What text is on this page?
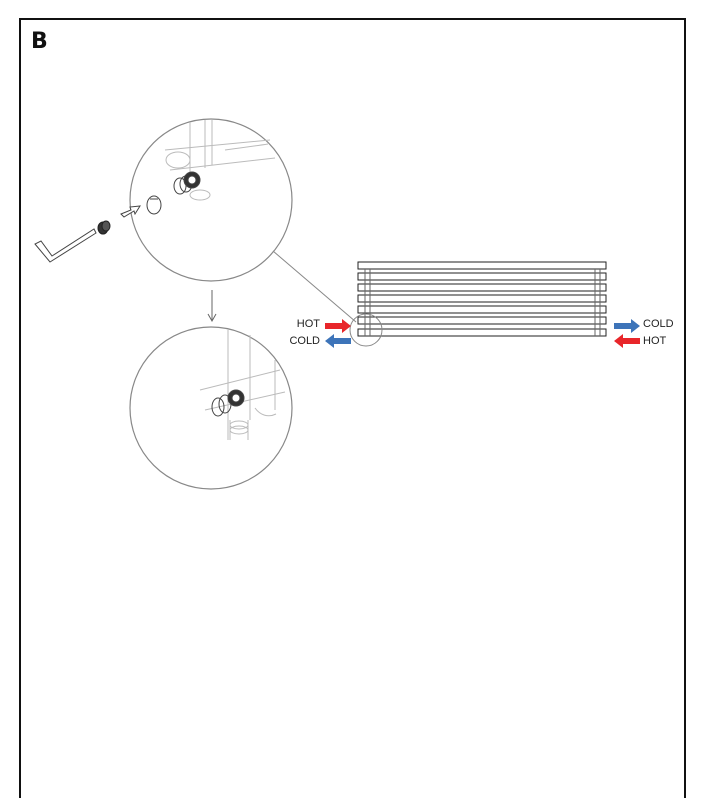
B
HOT
COLD
COLD
HOT
